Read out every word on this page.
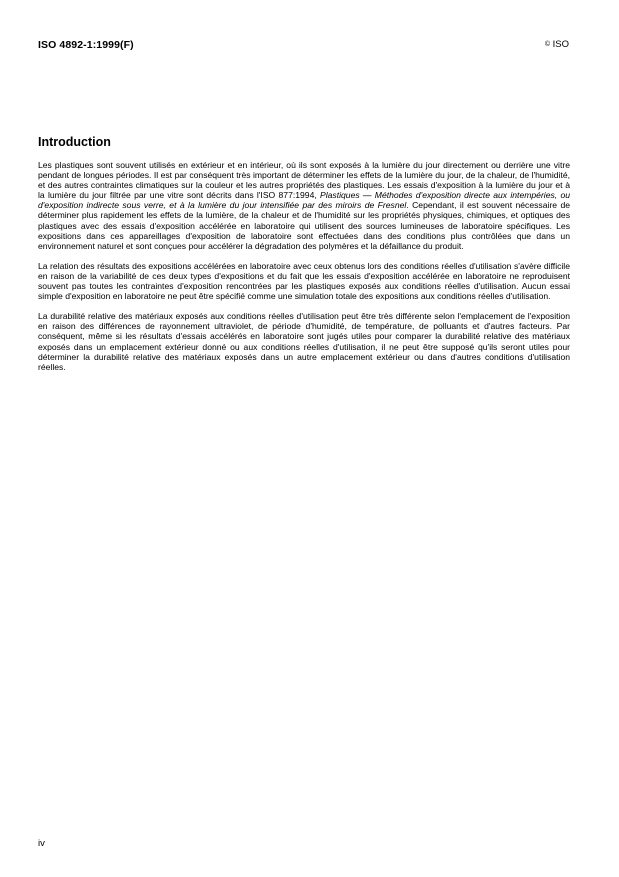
ISO 4892-1:1999(F)	© ISO
Introduction

Les plastiques sont souvent utilisés en extérieur et en intérieur, où ils sont exposés à la lumière du jour directement ou derrière une vitre pendant de longues périodes. Il est par conséquent très important de déterminer les effets de la lumière du jour, de la chaleur, de l'humidité, et des autres contraintes climatiques sur la couleur et les autres propriétés des plastiques. Les essais d'exposition à la lumière du jour et à la lumière du jour filtrée par une vitre sont décrits dans l'ISO 877:1994, Plastiques — Méthodes d'exposition directe aux intempéries, ou d'exposition indirecte sous verre, et à la lumière du jour intensifiée par des miroirs de Fresnel. Cependant, il est souvent nécessaire de déterminer plus rapidement les effets de la lumière, de la chaleur et de l'humidité sur les propriétés physiques, chimiques, et optiques des plastiques avec des essais d'exposition accélérée en laboratoire qui utilisent des sources lumineuses de laboratoire spécifiques. Les expositions dans ces appareillages d'exposition de laboratoire sont effectuées dans des conditions plus contrôlées que dans un environnement naturel et sont conçues pour accélérer la dégradation des polymères et la défaillance du produit.

La relation des résultats des expositions accélérées en laboratoire avec ceux obtenus lors des conditions réelles d'utilisation s'avère difficile en raison de la variabilité de ces deux types d'expositions et du fait que les essais d'exposition accélérée en laboratoire ne reproduisent souvent pas toutes les contraintes d'exposition rencontrées par les plastiques exposés aux conditions réelles d'utilisation. Aucun essai simple d'exposition en laboratoire ne peut être spécifié comme une simulation totale des expositions aux conditions réelles d'utilisation.

La durabilité relative des matériaux exposés aux conditions réelles d'utilisation peut être très différente selon l'emplacement de l'exposition en raison des différences de rayonnement ultraviolet, de période d'humidité, de température, de polluants et d'autres facteurs. Par conséquent, même si les résultats d'essais accélérés en laboratoire sont jugés utiles pour comparer la durabilité relative des matériaux exposés dans un emplacement extérieur donné ou aux conditions réelles d'utilisation, il ne peut être supposé qu'ils seront utiles pour déterminer la durabilité relative des matériaux exposés dans un autre emplacement extérieur ou dans d'autres conditions d'utilisation réelles.

iv
